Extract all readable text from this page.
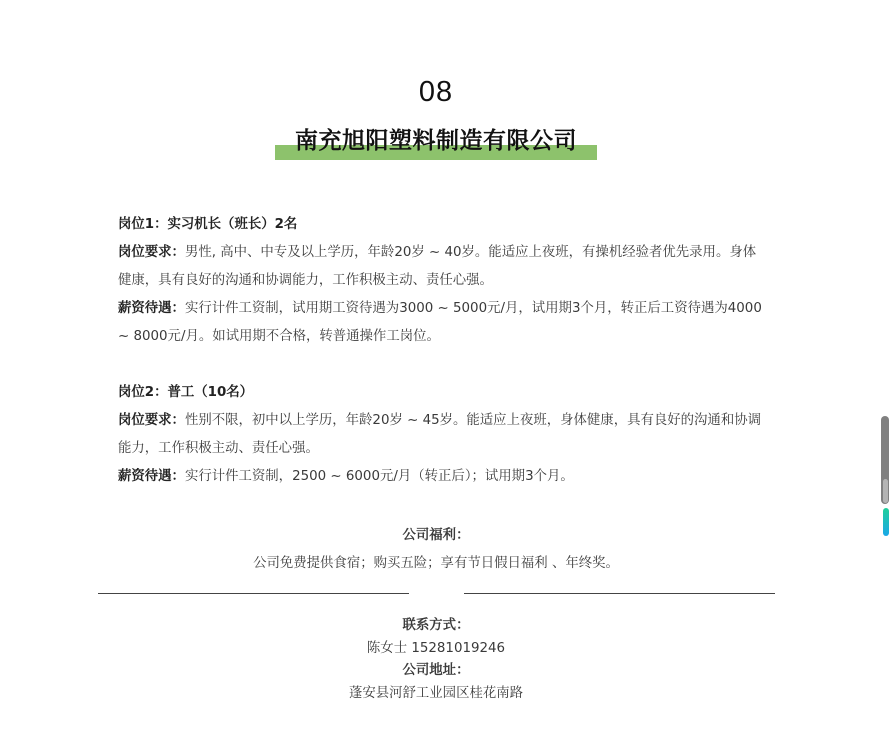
08
南充旭阳塑料制造有限公司

岗位1：实习机长（班长）2名

岗位要求：男性, 高中、中专及以上学历，年龄20岁 ~ 40岁。能适应上夜班，有操机经验者优先录用。身体健康，具有良好的沟通和协调能力，工作积极主动、责任心强。

薪资待遇：实行计件工资制，试用期工资待遇为3000 ~ 5000元/月，试用期3个月，转正后工资待遇为4000 ~ 8000元/月。如试用期不合格，转普通操作工岗位。

岗位2：普工（10名）

岗位要求：性别不限，初中以上学历，年龄20岁 ~ 45岁。能适应上夜班，身体健康，具有良好的沟通和协调能力，工作积极主动、责任心强。

薪资待遇：实行计件工资制，2500 ~ 6000元/月（转正后）；试用期3个月。

公司福利：
公司免费提供食宿；购买五险；享有节日假日福利 、年终奖。
联系方式：
陈女士 15281019246
公司地址：
蓬安县河舒工业园区桂花南路
